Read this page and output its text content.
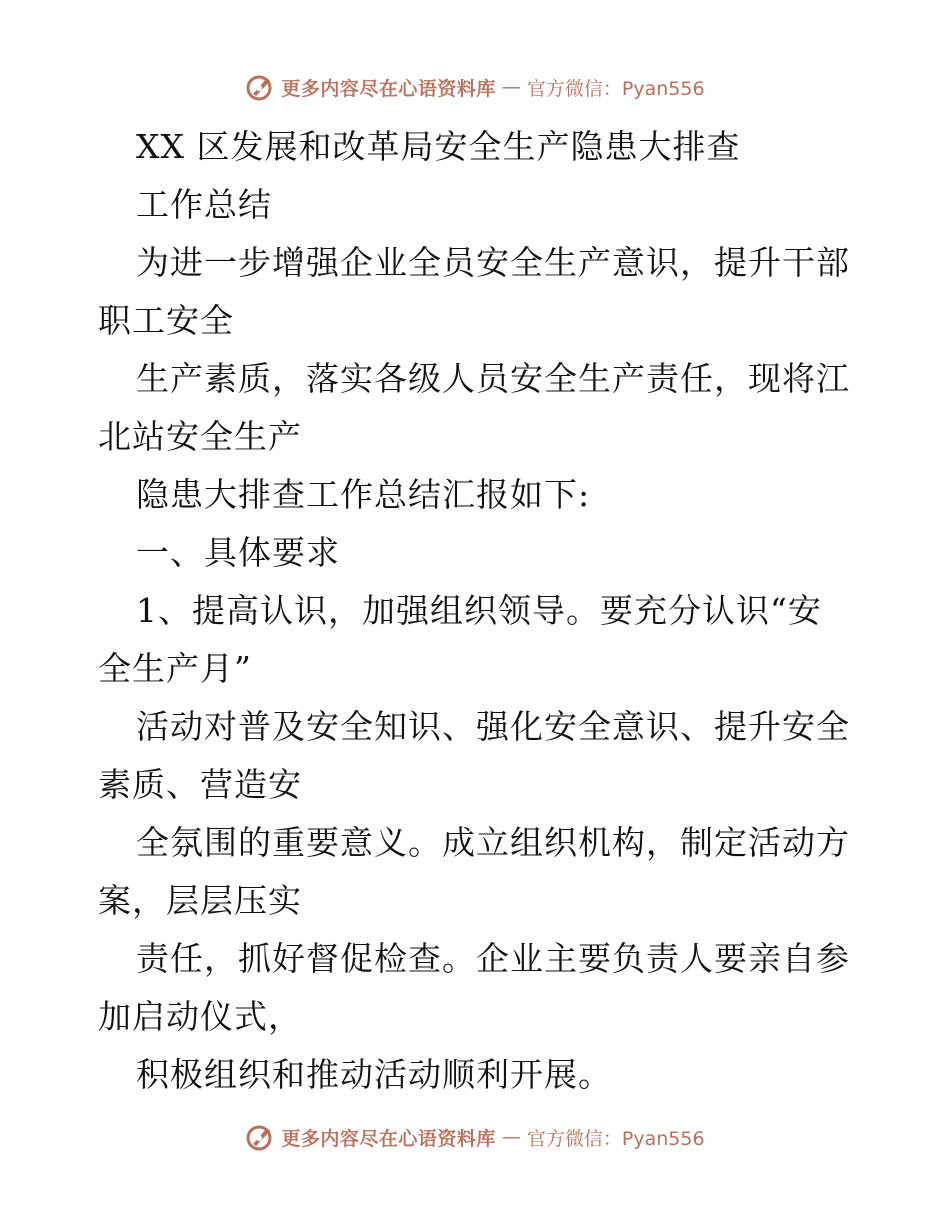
更多内容尽在心语资料库 — 官方微信：Pyan556
XX 区发展和改革局安全生产隐患大排查
工作总结
为进一步增强企业全员安全生产意识，提升干部
职工安全
生产素质，落实各级人员安全生产责任，现将江
北站安全生产
隐患大排查工作总结汇报如下:
一、具体要求
1、提高认识，加强组织领导。要充分认识“安
全生产月”
活动对普及安全知识、强化安全意识、提升安全
素质、营造安
全氛围的重要意义。成立组织机构，制定活动方
案，层层压实
责任，抓好督促检查。企业主要负责人要亲自参
加启动仪式，
积极组织和推动活动顺利开展。
更多内容尽在心语资料库 — 官方微信：Pyan556
